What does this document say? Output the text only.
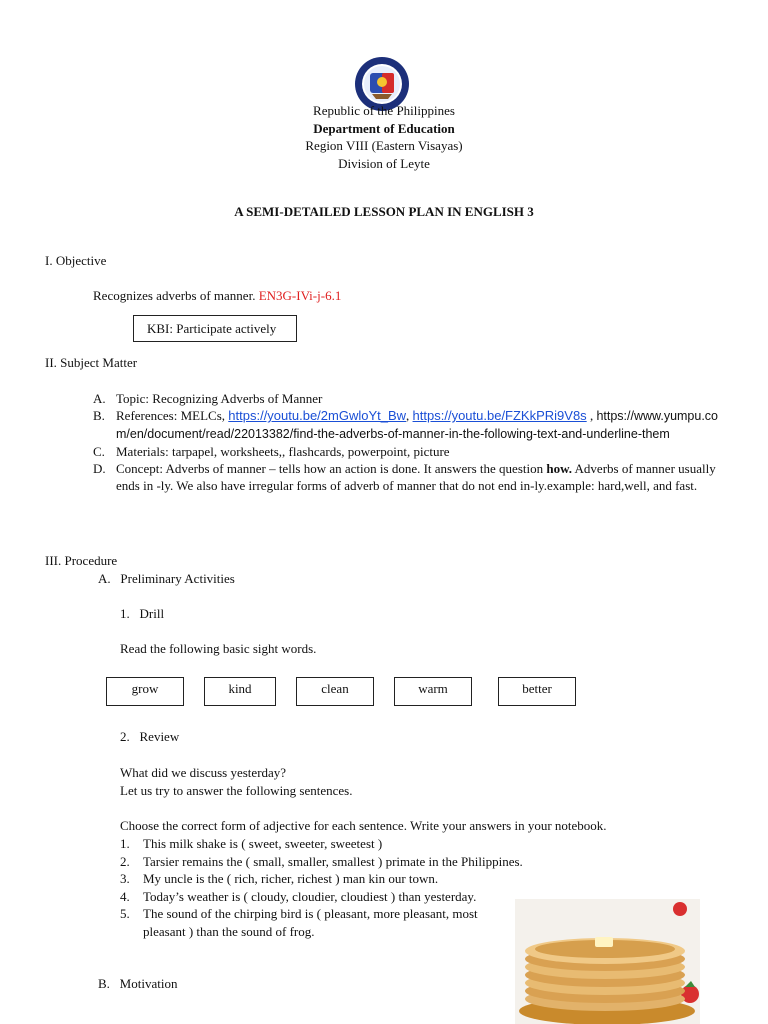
Republic of the Philippines
Department of Education
Region VIII (Eastern Visayas)
Division of Leyte
A SEMI-DETAILED LESSON PLAN IN ENGLISH 3
I. Objective
Recognizes adverbs of manner. EN3G-IVi-j-6.1
KBI: Participate actively
II. Subject Matter
A. Topic: Recognizing Adverbs of Manner
B. References: MELCs, https://youtu.be/2mGwloYt_Bw, https://youtu.be/FZKkPRi9V8s , https://www.yumpu.com/en/document/read/22013382/find-the-adverbs-of-manner-in-the-following-text-and-underline-them
C. Materials: tarpapel, worksheets,, flashcards, powerpoint, picture
D. Concept: Adverbs of manner – tells how an action is done. It answers the question how. Adverbs of manner usually ends in -ly. We also have irregular forms of adverb of manner that do not end in-ly.example: hard,well, and fast.
III. Procedure
A. Preliminary Activities
1. Drill
Read the following basic sight words.
grow	kind	clean	warm	better
2. Review
What did we discuss yesterday?
Let us try to answer the following sentences.
Choose the correct form of adjective for each sentence. Write your answers in your notebook.
1. This milk shake is ( sweet, sweeter, sweetest )
2. Tarsier remains the ( small, smaller, smallest ) primate in the Philippines.
3. My uncle is the ( rich, richer, richest ) man kin our town.
4. Today’s weather is ( cloudy, cloudier, cloudiest ) than yesterday.
5. The sound of the chirping bird is ( pleasant, more pleasant, most pleasant ) than the sound of frog.
B. Motivation
